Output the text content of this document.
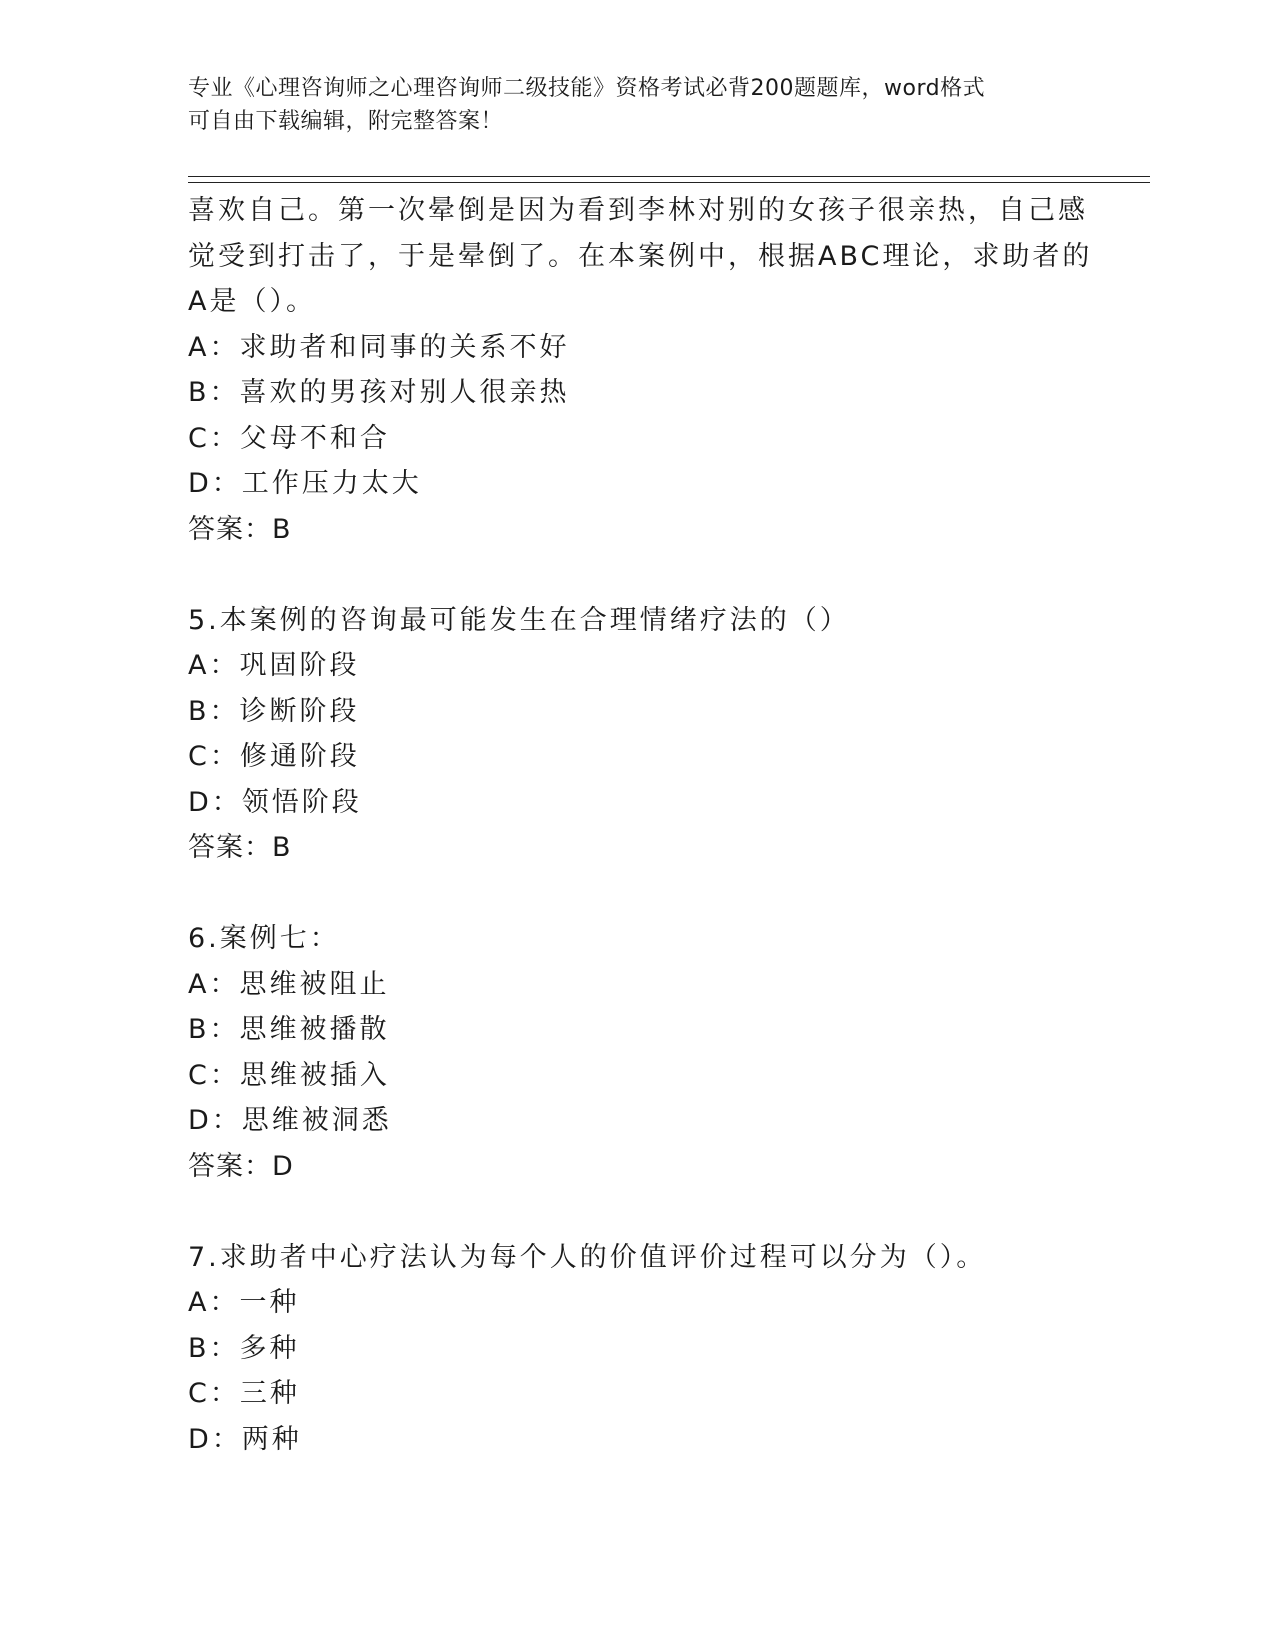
专业《心理咨询师之心理咨询师二级技能》资格考试必背200题题库，word格式
可自由下载编辑，附完整答案！
喜欢自己。第一次晕倒是因为看到李林对别的女孩子很亲热，自己感
觉受到打击了，于是晕倒了。在本案例中，根据ABC理论，求助者的
A是（）。
A：求助者和同事的关系不好
B：喜欢的男孩对别人很亲热
C：父母不和合
D：工作压力太大
答案：B
5.本案例的咨询最可能发生在合理情绪疗法的（）
A：巩固阶段
B：诊断阶段
C：修通阶段
D：领悟阶段
答案：B
6.案例七：
A：思维被阻止
B：思维被播散
C：思维被插入
D：思维被洞悉
答案：D
7.求助者中心疗法认为每个人的价值评价过程可以分为（）。
A：一种
B：多种
C：三种
D：两种
